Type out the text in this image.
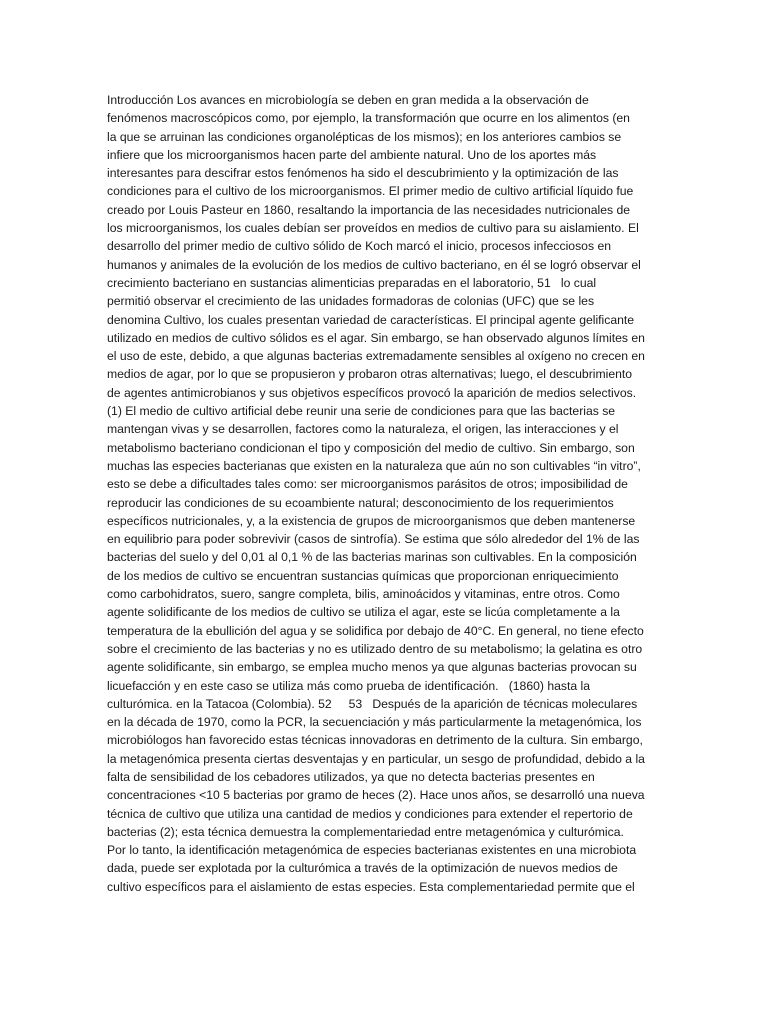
Introducción Los avances en microbiología se deben en gran medida a la observación de
fenómenos macroscópicos como, por ejemplo, la transformación que ocurre en los alimentos (en
la que se arruinan las condiciones organolépticas de los mismos); en los anteriores cambios se
infiere que los microorganismos hacen parte del ambiente natural. Uno de los aportes más
interesantes para descifrar estos fenómenos ha sido el descubrimiento y la optimización de las
condiciones para el cultivo de los microorganismos. El primer medio de cultivo artificial líquido fue
creado por Louis Pasteur en 1860, resaltando la importancia de las necesidades nutricionales de
los microorganismos, los cuales debían ser proveídos en medios de cultivo para su aislamiento. El
desarrollo del primer medio de cultivo sólido de Koch marcó el inicio, procesos infecciosos en
humanos y animales de la evolución de los medios de cultivo bacteriano, en él se logró observar el
crecimiento bacteriano en sustancias alimenticias preparadas en el laboratorio, 51   lo cual
permitió observar el crecimiento de las unidades formadoras de colonias (UFC) que se les
denomina Cultivo, los cuales presentan variedad de características. El principal agente gelificante
utilizado en medios de cultivo sólidos es el agar. Sin embargo, se han observado algunos límites en
el uso de este, debido, a que algunas bacterias extremadamente sensibles al oxígeno no crecen en
medios de agar, por lo que se propusieron y probaron otras alternativas; luego, el descubrimiento
de agentes antimicrobianos y sus objetivos específicos provocó la aparición de medios selectivos.
(1) El medio de cultivo artificial debe reunir una serie de condiciones para que las bacterias se
mantengan vivas y se desarrollen, factores como la naturaleza, el origen, las interacciones y el
metabolismo bacteriano condicionan el tipo y composición del medio de cultivo. Sin embargo, son
muchas las especies bacterianas que existen en la naturaleza que aún no son cultivables “in vitro”,
esto se debe a dificultades tales como: ser microorganismos parásitos de otros; imposibilidad de
reproducir las condiciones de su ecoambiente natural; desconocimiento de los requerimientos
específicos nutricionales, y, a la existencia de grupos de microorganismos que deben mantenerse
en equilibrio para poder sobrevivir (casos de sintrofía). Se estima que sólo alrededor del 1% de las
bacterias del suelo y del 0,01 al 0,1 % de las bacterias marinas son cultivables. En la composición
de los medios de cultivo se encuentran sustancias químicas que proporcionan enriquecimiento
como carbohidratos, suero, sangre completa, bilis, aminoácidos y vitaminas, entre otros. Como
agente solidificante de los medios de cultivo se utiliza el agar, este se licúa completamente a la
temperatura de la ebullición del agua y se solidifica por debajo de 40°C. En general, no tiene efecto
sobre el crecimiento de las bacterias y no es utilizado dentro de su metabolismo; la gelatina es otro
agente solidificante, sin embargo, se emplea mucho menos ya que algunas bacterias provocan su
licuefacción y en este caso se utiliza más como prueba de identificación.   (1860) hasta la
culturómica. en la Tatacoa (Colombia). 52     53   Después de la aparición de técnicas moleculares
en la década de 1970, como la PCR, la secuenciación y más particularmente la metagenómica, los
microbiólogos han favorecido estas técnicas innovadoras en detrimento de la cultura. Sin embargo,
la metagenómica presenta ciertas desventajas y en particular, un sesgo de profundidad, debido a la
falta de sensibilidad de los cebadores utilizados, ya que no detecta bacterias presentes en
concentraciones <10 5 bacterias por gramo de heces (2). Hace unos años, se desarrolló una nueva
técnica de cultivo que utiliza una cantidad de medios y condiciones para extender el repertorio de
bacterias (2); esta técnica demuestra la complementariedad entre metagenómica y culturómica.
Por lo tanto, la identificación metagenómica de especies bacterianas existentes en una microbiota
dada, puede ser explotada por la culturómica a través de la optimización de nuevos medios de
cultivo específicos para el aislamiento de estas especies. Esta complementariedad permite que el
